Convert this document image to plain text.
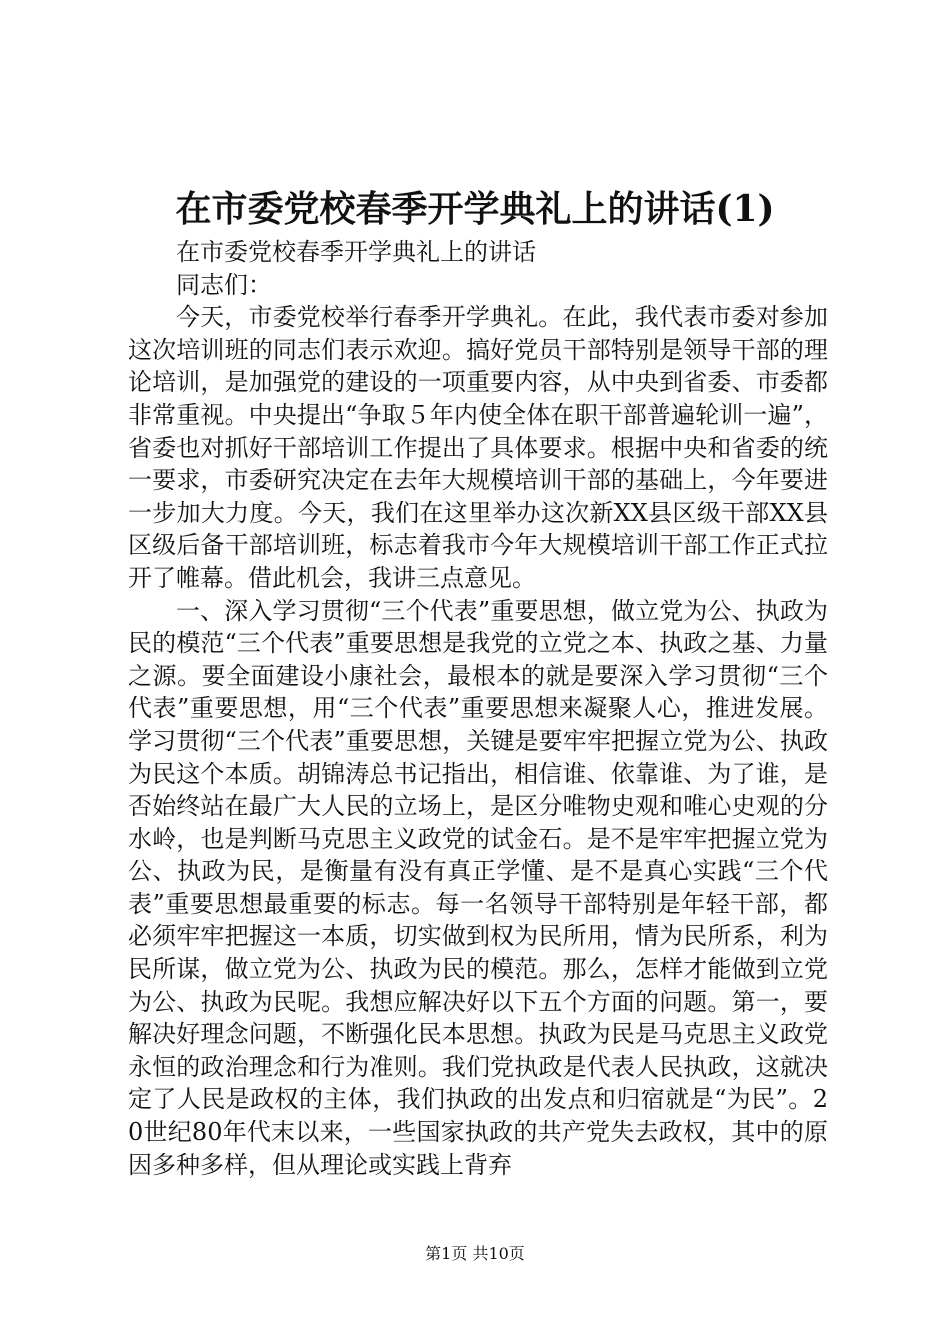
在市委党校春季开学典礼上的讲话(1)

在市委党校春季开学典礼上的讲话

同志们：

今天，市委党校举行春季开学典礼。在此，我代表市委对参加这次培训班的同志们表示欢迎。搞好党员干部特别是领导干部的理论培训，是加强党的建设的一项重要内容，从中央到省委、市委都非常重视。中央提出“争取５年内使全体在职干部普遍轮训一遍”，省委也对抓好干部培训工作提出了具体要求。根据中央和省委的统一要求，市委研究决定在去年大规模培训干部的基础上，今年要进一步加大力度。今天，我们在这里举办这次新XX县区级干部XX县区级后备干部培训班，标志着我市今年大规模培训干部工作正式拉开了帷幕。借此机会，我讲三点意见。

一、深入学习贯彻“三个代表”重要思想，做立党为公、执政为民的模范“三个代表”重要思想是我党的立党之本、执政之基、力量之源。要全面建设小康社会，最根本的就是要深入学习贯彻“三个代表”重要思想，用“三个代表”重要思想来凝聚人心，推进发展。学习贯彻“三个代表”重要思想，关键是要牢牢把握立党为公、执政为民这个本质。胡锦涛总书记指出，相信谁、依靠谁、为了谁，是否始终站在最广大人民的立场上，是区分唯物史观和唯心史观的分水岭，也是判断马克思主义政党的试金石。是不是牢牢把握立党为公、执政为民，是衡量有没有真正学懂、是不是真心实践“三个代表”重要思想最重要的标志。每一名领导干部特别是年轻干部，都必须牢牢把握这一本质，切实做到权为民所用，情为民所系，利为民所谋，做立党为公、执政为民的模范。那么，怎样才能做到立党为公、执政为民呢。我想应解决好以下五个方面的问题。第一，要解决好理念问题，不断强化民本思想。执政为民是马克思主义政党永恒的政治理念和行为准则。我们党执政是代表人民执政，这就决定了人民是政权的主体，我们执政的出发点和归宿就是“为民”。20世纪80年代末以来，一些国家执政的共产党失去政权，其中的原因多种多样，但从理论或实践上背弃

第1页 共10页
